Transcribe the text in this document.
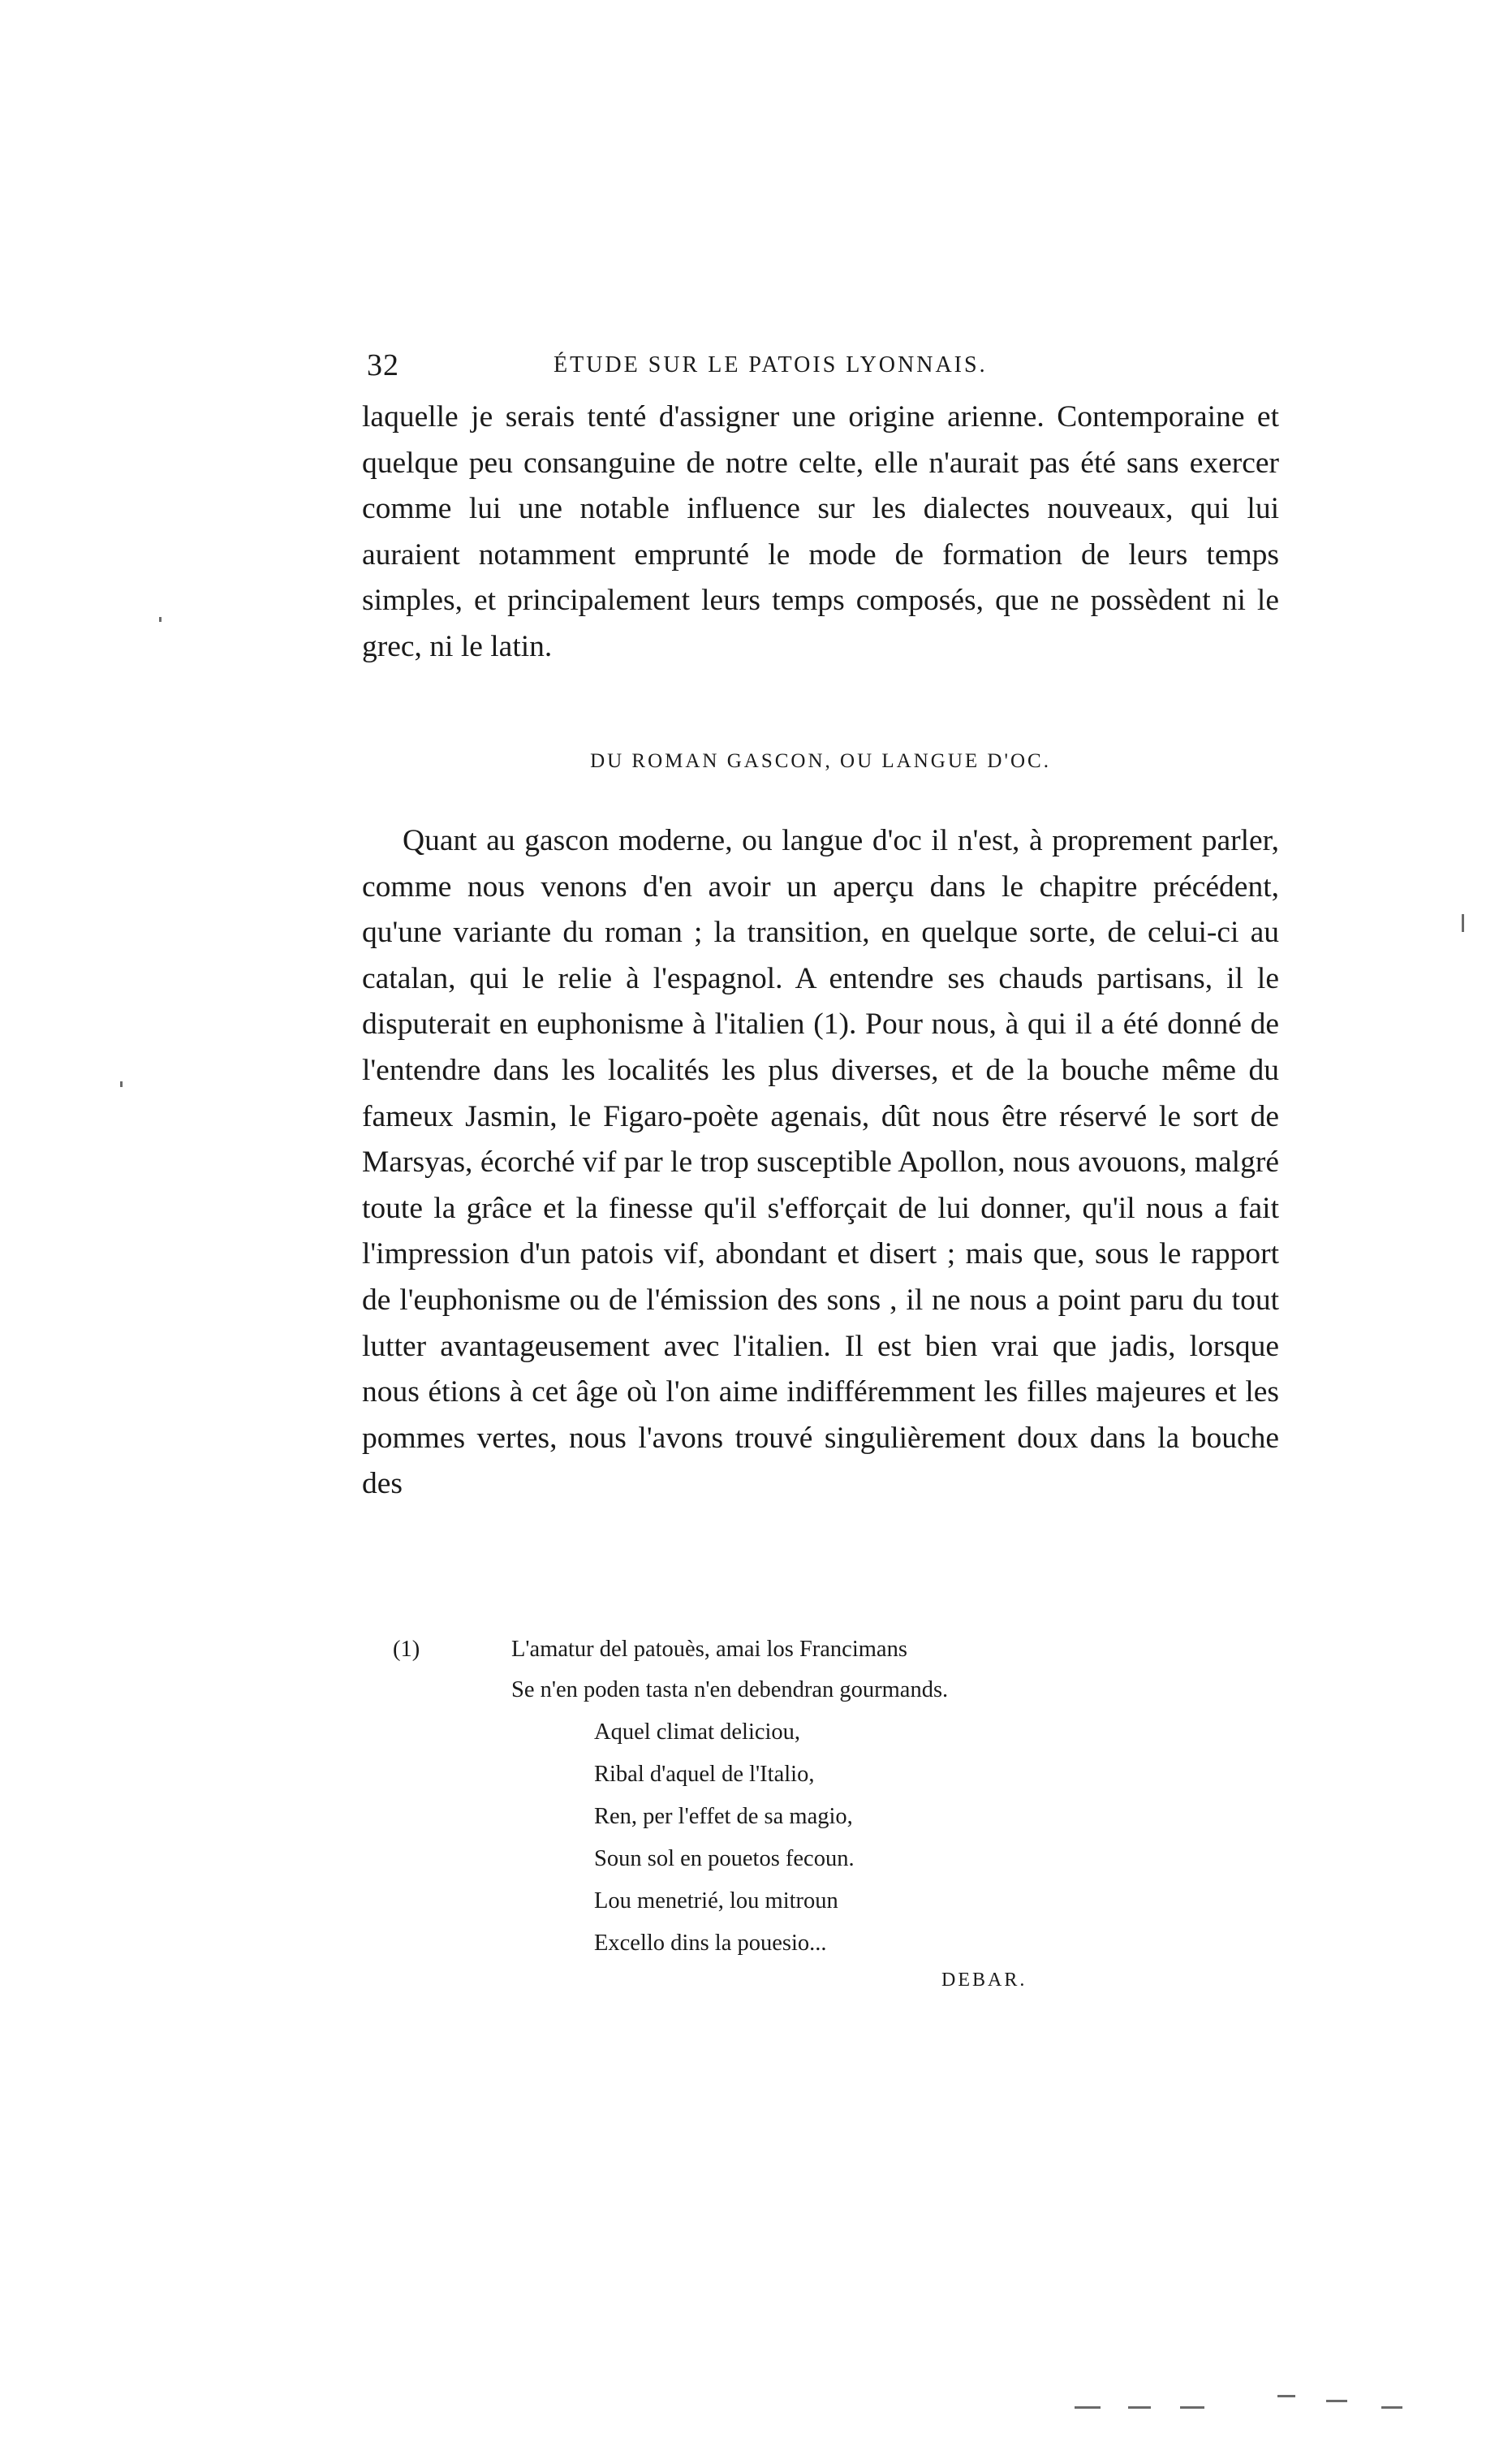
32	ÉTUDE SUR LE PATOIS LYONNAIS.

laquelle je serais tenté d'assigner une origine arienne. Contemporaine et quelque peu consanguine de notre celte, elle n'aurait pas été sans exercer comme lui une notable influence sur les dialectes nouveaux, qui lui auraient notamment emprunté le mode de formation de leurs temps simples, et principalement leurs temps composés, que ne possèdent ni le grec, ni le latin.

DU ROMAN GASCON, OU LANGUE D'OC.

Quant au gascon moderne, ou langue d'oc il n'est, à proprement parler, comme nous venons d'en avoir un aperçu dans le chapitre précédent, qu'une variante du roman ; la transition, en quelque sorte, de celui-ci au catalan, qui le relie à l'espagnol. A entendre ses chauds partisans, il le disputerait en euphonisme à l'italien (1). Pour nous, à qui il a été donné de l'entendre dans les localités les plus diverses, et de la bouche même du fameux Jasmin, le Figaro-poète agenais, dût nous être réservé le sort de Marsyas, écorché vif par le trop susceptible Apollon, nous avouons, malgré toute la grâce et la finesse qu'il s'efforçait de lui donner, qu'il nous a fait l'impression d'un patois vif, abondant et disert ; mais que, sous le rapport de l'euphonisme ou de l'émission des sons , il ne nous a point paru du tout lutter avantageusement avec l'italien. Il est bien vrai que jadis, lorsque nous étions à cet âge où l'on aime indifféremment les filles majeures et les pommes vertes, nous l'avons trouvé singulièrement doux dans la bouche des

(1)	L'amatur del patouès, amai los Francimans
Se n'en poden tasta n'en debendran gourmands.
Aquel climat deliciou,
Ribal d'aquel de l'Italio,
Ren, per l'effet de sa magio,
Soun sol en pouetos fecoun.
Lou menetrié, lou mitroun
Excello dins la pouesio...
DEBAR.
